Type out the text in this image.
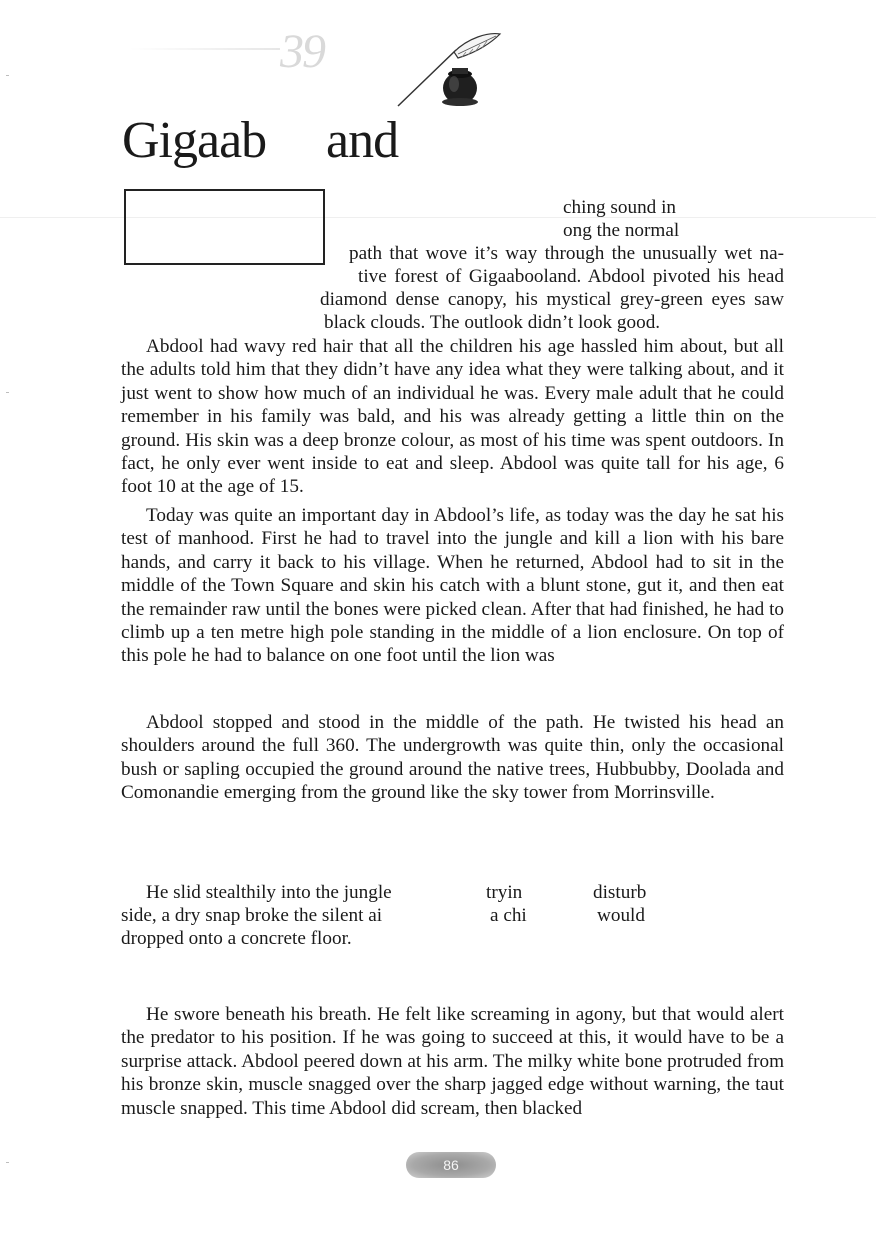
39
Gigaab and
ching sound in
ong the normal
path that wove it’s way through the unusually wet na-
tive forest of Gigaabooland. Abdool pivoted his head
diamond dense canopy, his mystical grey-green eyes saw
black clouds. The outlook didn’t look good.

Abdool had wavy red hair that all the children his age hassled him about, but all the adults told him that they didn’t have any idea what they were talking about, and it just went to show how much of an individual he was. Every male adult that he could remember in his family was bald, and his was already getting a little thin on the ground. His skin was a deep bronze colour, as most of his time was spent outdoors. In fact, he only ever went inside to eat and sleep. Abdool was quite tall for his age, 6 foot 10 at the age of 15.

Today was quite an important day in Abdool’s life, as today was the day he sat his test of manhood. First he had to travel into the jungle and kill a lion with his bare hands, and carry it back to his village. When he returned, Abdool had to sit in the middle of the Town Square and skin his catch with a blunt stone, gut it, and then eat the remainder raw until the bones were picked clean. After that had finished, he had to climb up a ten metre high pole standing in the middle of a lion enclosure. On top of this pole he had to balance on one foot until the lion was

Abdool stopped and stood in the middle of the path. He twisted his head an shoulders around the full 360. The undergrowth was quite thin, only the occasional bush or sapling occupied the ground around the native trees, Hubbubby, Doolada and Comonandie emerging from the ground like the sky tower from Morrinsville.

He slid stealthily into the jungle
side, a dry snap broke the silent ai
dropped onto a concrete floor.
tryin
a chi
disturb
would

He swore beneath his breath. He felt like screaming in agony, but that would alert the predator to his position. If he was going to succeed at this, it would have to be a surprise attack. Abdool peered down at his arm. The milky white bone protruded from his bronze skin, muscle snagged over the sharp jagged edge without warning, the taut muscle snapped. This time Abdool did scream, then blacked

86
